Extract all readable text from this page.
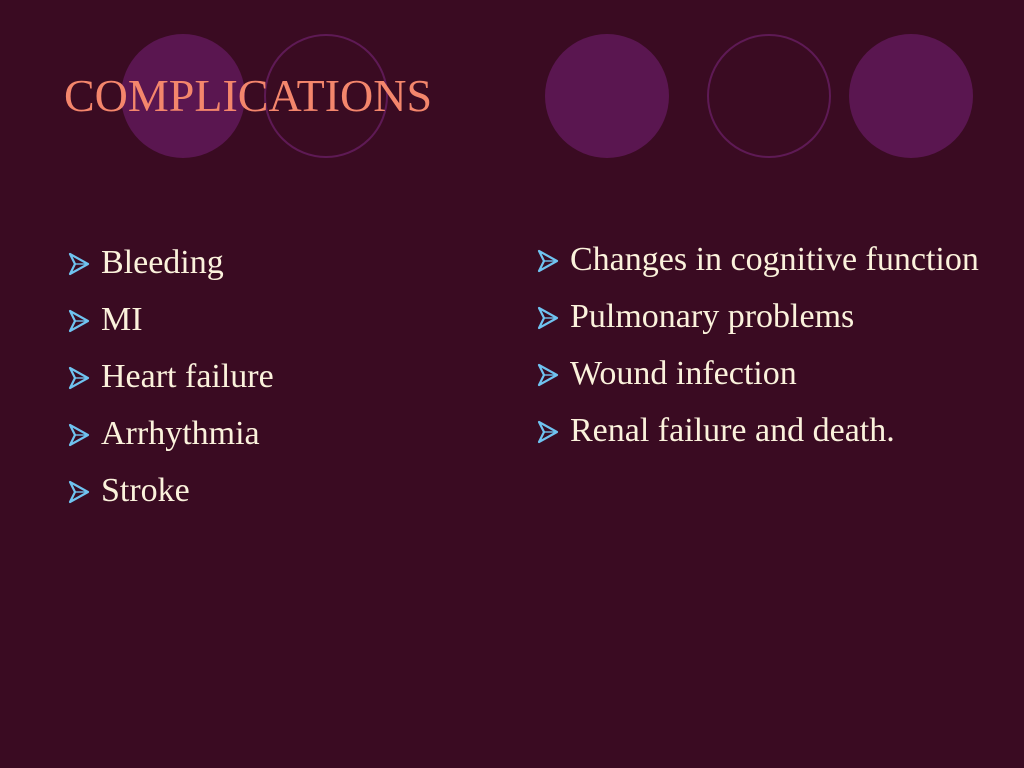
COMPLICATIONS
Bleeding
MI
Heart failure
Arrhythmia
Stroke
Changes in cognitive function
Pulmonary problems
Wound infection
Renal failure and death.
